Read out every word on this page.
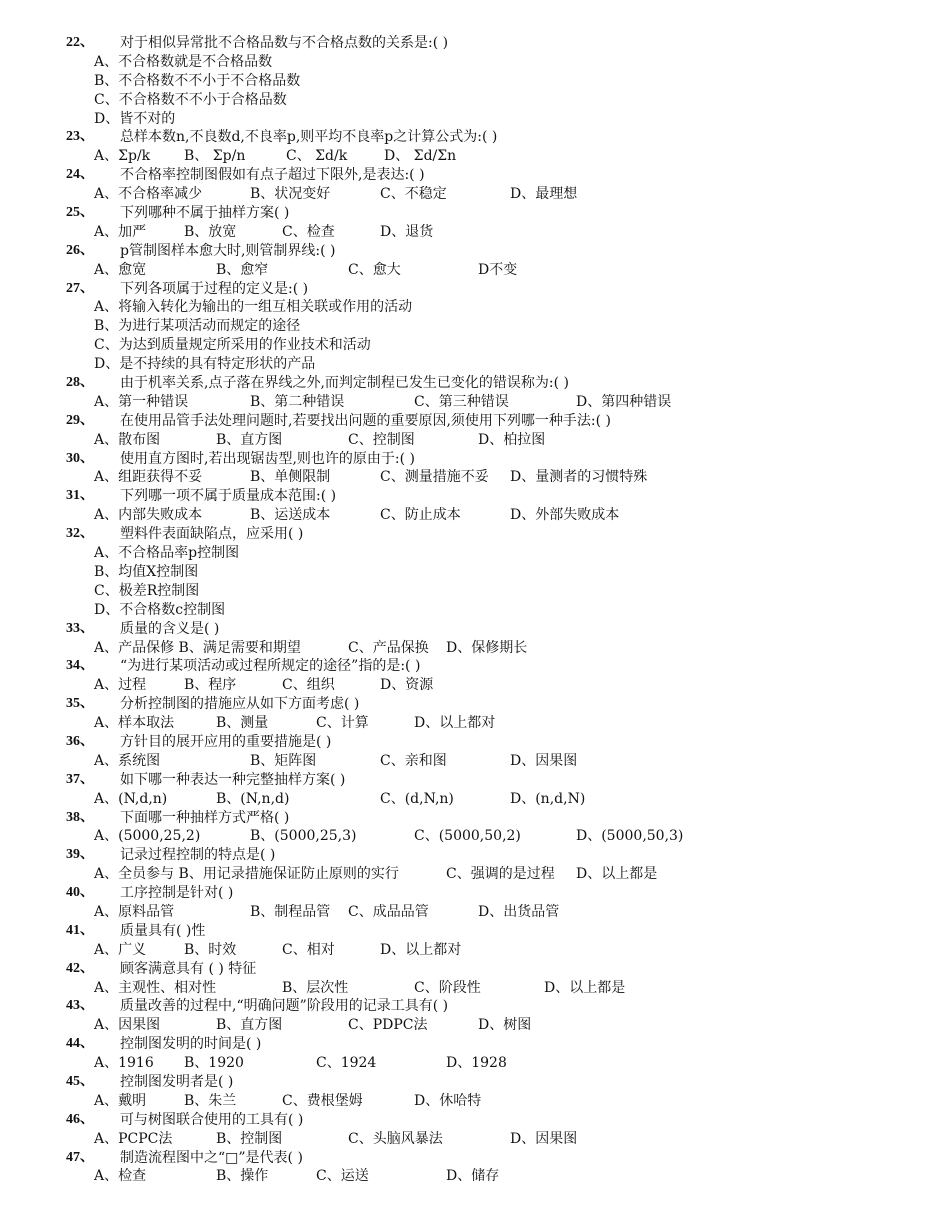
22、 对于相似异常批不合格品数与不合格点数的关系是:( )
A、不合格数就是不合格品数
B、不合格数不不小于不合格品数
C、不合格数不不小于合格品数
D、皆不对的
23、 总样本数n,不良数d,不良率p,则平均不良率p之计算公式为:( )
A、Σp/k B、 Σp/n	C、 Σd/k	D、 Σd/Σn
24、 不合格率控制图假如有点子超过下限外,是表达:( )
A、不合格率减少	B、状况变好	C、不稳定	D、最理想
25、 下列哪种不属于抽样方案( )
A、加严	B、放宽	C、检查	D、退货
26、 p管制图样本愈大时,则管制界线:( )
A、愈宽	B、愈窄	C、愈大	D不变
27、 下列各项属于过程的定义是:( )
A、将输入转化为输出的一组互相关联或作用的活动
B、为进行某项活动而规定的途径
C、为达到质量规定所采用的作业技术和活动
D、是不持续的具有特定形状的产品
28、 由于机率关系,点子落在界线之外,而判定制程已发生已变化的错误称为:( )
A、第一种错误	B、第二种错误	C、第三种错误	D、第四种错误
29、 在使用品管手法处理问题时,若要找出问题的重要原因,须使用下列哪一种手法:( )
A、散布图	B、直方图	C、控制图	D、柏拉图
30、 使用直方图时,若出现锯齿型,则也许的原由于:( )
A、组距获得不妥	B、单侧限制	C、测量措施不妥 D、量测者的习惯特殊
31、 下列哪一项不属于质量成本范围:( )
A、内部失败成本	B、运送成本	C、防止成本	D、外部失败成本
32、 塑料件表面缺陷点，应采用( )
A、不合格品率p控制图
B、均值X控制图
C、极差R控制图
D、不合格数c控制图
33、 质量的含义是( )
A、产品保修 B、满足需要和期望	C、产品保换 D、保修期长
34、 “为进行某项活动或过程所规定的途径”指的是:( )
A、过程	B、程序	C、组织	D、资源
35、 分析控制图的措施应从如下方面考虑( )
A、样本取法	B、测量	C、计算	D、以上都对
36、 方针目的展开应用的重要措施是( )
A、系统图	B、矩阵图	C、亲和图	D、因果图
37、 如下哪一种表达一种完整抽样方案( )
A、(N,d,n)	B、(N,n,d)	C、(d,N,n)	D、(n,d,N)
38、 下面哪一种抽样方式严格( )
A、(5000,25,2)	B、(5000,25,3)	C、(5000,50,2)	D、(5000,50,3)
39、 记录过程控制的特点是( )
A、全员参与 B、用记录措施保证防止原则的实行	C、强调的是过程 D、以上都是
40、 工序控制是针对( )
A、原料品管	B、制程品管 C、成品品管	D、出货品管
41、 质量具有( )性
A、广义	B、时效	C、相对	D、以上都对
42、 顾客满意具有 ( ) 特征
A、主观性、相对性	B、层次性	C、阶段性	D、以上都是
43、 质量改善的过程中,“明确问题”阶段用的记录工具有( )
A、因果图	B、直方图	C、PDPC法	D、树图
44、 控制图发明的时间是( )
A、1916 B、1920	C、1924	D、1928
45、 控制图发明者是( )
A、戴明	B、朱兰	C、费根堡姆	D、休哈特
46、 可与树图联合使用的工具有( )
A、PCPC法	B、控制图	C、头脑风暴法	D、因果图
47、 制造流程图中之“□”是代表( )
A、检查	B、操作	C、运送	D、储存
